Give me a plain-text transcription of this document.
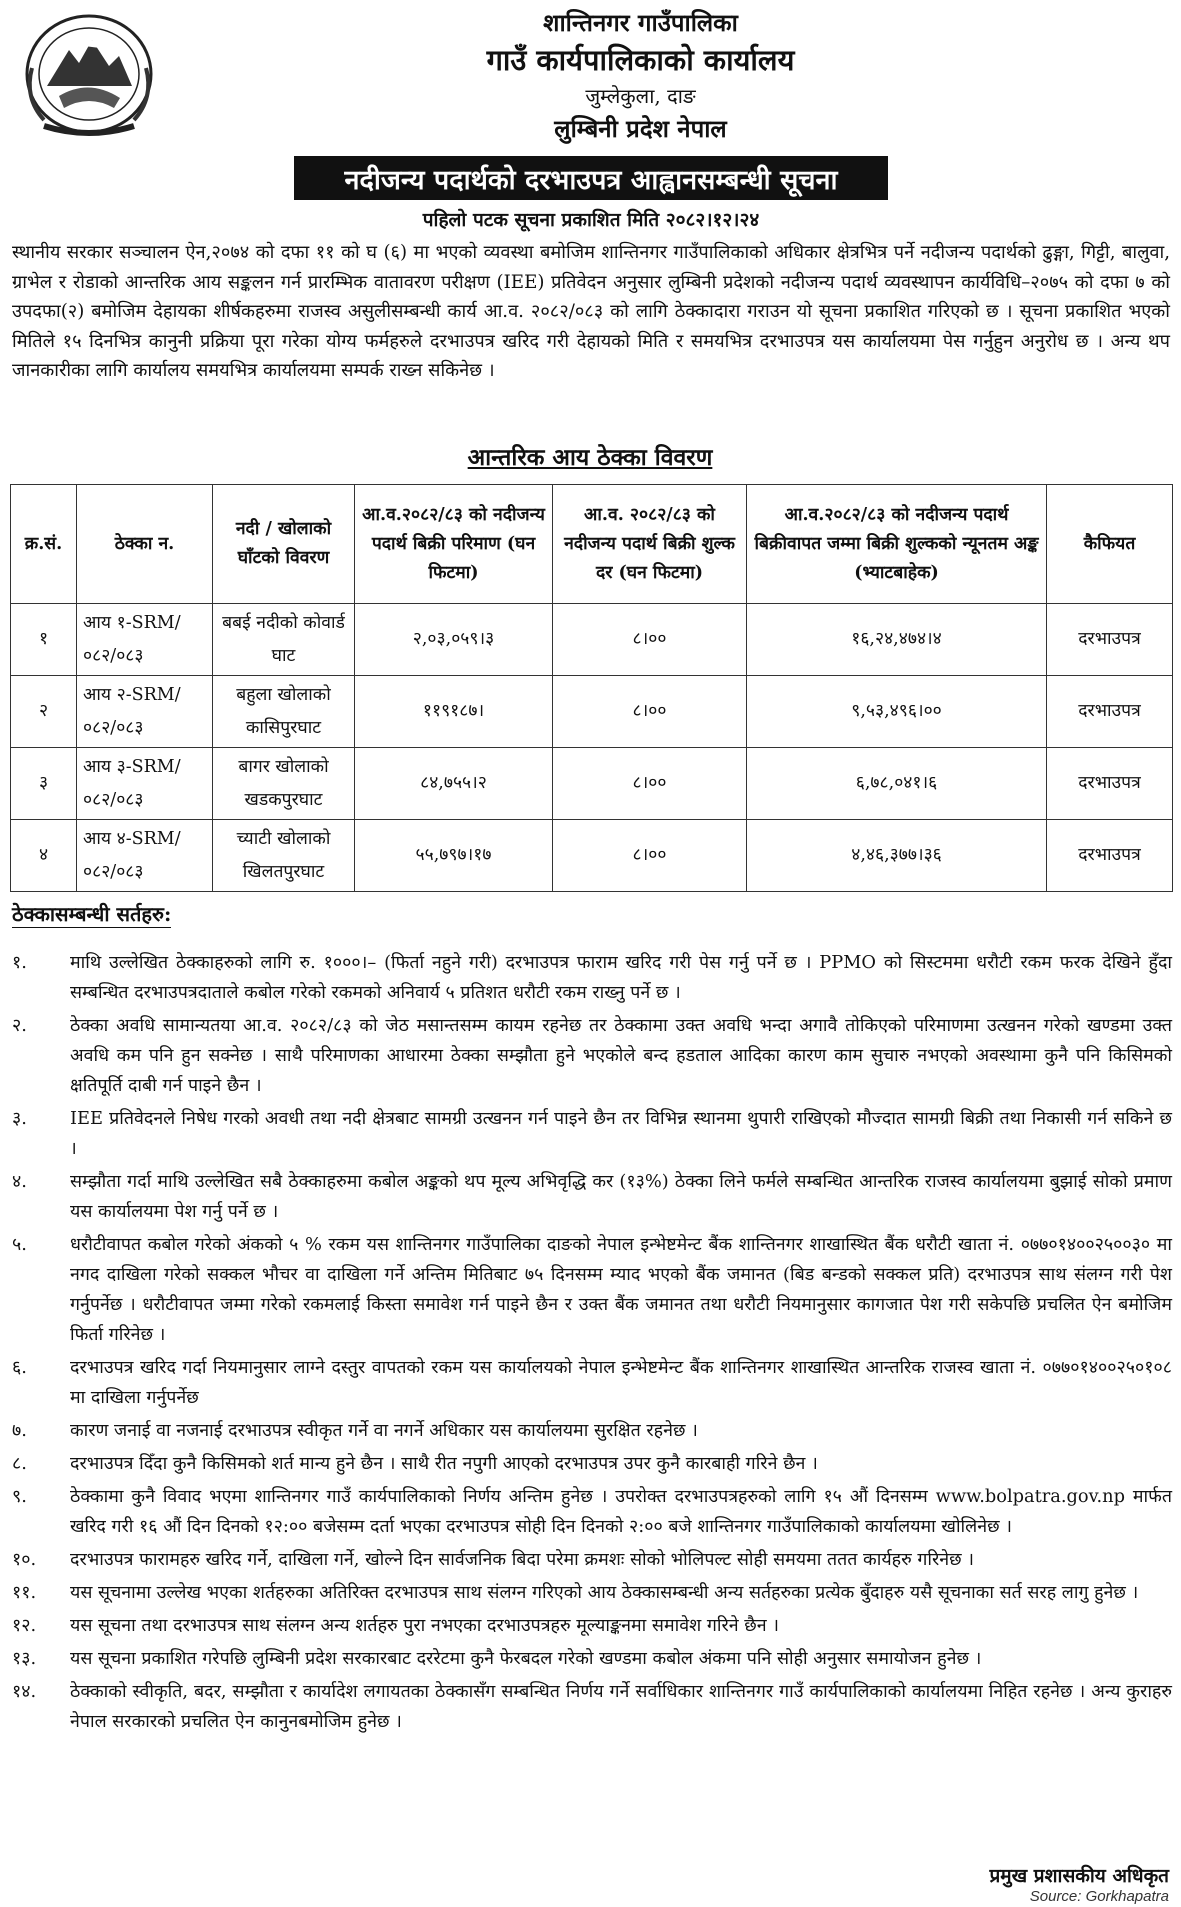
शान्तिनगर गाउँपालिका
गाउँ कार्यपालिकाको कार्यालय
जुम्लेकुला, दाङ
लुम्बिनी प्रदेश नेपाल
नदीजन्य पदार्थको दरभाउपत्र आह्वानसम्बन्धी सूचना
पहिलो पटक सूचना प्रकाशित मिति २०८२।१२।२४
स्थानीय सरकार सञ्चालन ऐन,२०७४ को दफा ११ को घ (६) मा भएको व्यवस्था बमोजिम शान्तिनगर गाउँपालिकाको अधिकार क्षेत्रभित्र पर्ने नदीजन्य पदार्थको ढुङ्गा, गिट्टी, बालुवा, ग्राभेल र रोडाको आन्तरिक आय सङ्कलन गर्न प्रारम्भिक वातावरण परीक्षण (IEE) प्रतिवेदन अनुसार लुम्बिनी प्रदेशको नदीजन्य पदार्थ व्यवस्थापन कार्यविधि–२०७५ को दफा ७ को उपदफा(२) बमोजिम देहायका शीर्षकहरुमा राजस्व असुलीसम्बन्धी कार्य आ.व. २०८२/०८३ को लागि ठेक्कादारा गराउन यो सूचना प्रकाशित गरिएको छ । सूचना प्रकाशित भएको मितिले १५ दिनभित्र कानुनी प्रक्रिया पूरा गरेका योग्य फर्महरुले दरभाउपत्र खरिद गरी देहायको मिति र समयभित्र दरभाउपत्र यस कार्यालयमा पेस गर्नुहुन अनुरोध छ । अन्य थप जानकारीका लागि कार्यालय समयभित्र कार्यालयमा सम्पर्क राख्न सकिनेछ ।
आन्तरिक आय ठेक्का विवरण
क्र.सं.	ठेक्का न.	नदी / खोलाको घाँटको विवरण	आ.व.२०८२/८३ को नदीजन्य पदार्थ बिक्री परिमाण (घन फिटमा)	आ.व. २०८२/८३ को नदीजन्य पदार्थ बिक्री शुल्क दर (घन फिटमा)	आ.व.२०८२/८३ को नदीजन्य पदार्थ बिक्रीवापत जम्मा बिक्री शुल्कको न्यूनतम अङ्क (भ्याटबाहेक)	कैफियत
१	आय १-SRM/ ०८२/०८३	बबई नदीको कोवार्ड घाट	२,०३,०५९।३	८।००	१६,२४,४७४।४	दरभाउपत्र
२	आय २-SRM/ ०८२/०८३	बहुला खोलाको कासिपुरघाट	११९१८७।	८।००	९,५३,४९६।००	दरभाउपत्र
३	आय ३-SRM/ ०८२/०८३	बागर खोलाको खडकपुरघाट	८४,७५५।२	८।००	६,७८,०४१।६	दरभाउपत्र
४	आय ४-SRM/ ०८२/०८३	च्याटी खोलाको खिलतपुरघाट	५५,७९७।१७	८।००	४,४६,३७७।३६	दरभाउपत्र
ठेक्कासम्बन्धी सर्तहरु:
१.	माथि उल्लेखित ठेक्काहरुको लागि रु. १०००।– (फिर्ता नहुने गरी) दरभाउपत्र फाराम खरिद गरी पेस गर्नु पर्ने छ । PPMO को सिस्टममा धरौटी रकम फरक देखिने हुँदा सम्बन्धित दरभाउपत्रदाताले कबोल गरेको रकमको अनिवार्य ५ प्रतिशत धरौटी रकम राख्नु पर्ने छ ।
२.	ठेक्का अवधि सामान्यतया आ.व. २०८२/८३ को जेठ मसान्तसम्म कायम रहनेछ तर ठेक्कामा उक्त अवधि भन्दा अगावै तोकिएको परिमाणमा उत्खनन गरेको खण्डमा उक्त अवधि कम पनि हुन सक्नेछ । साथै परिमाणका आधारमा ठेक्का सम्झौता हुने भएकोले बन्द हडताल आदिका कारण काम सुचारु नभएको अवस्थामा कुनै पनि किसिमको क्षतिपूर्ति दाबी गर्न पाइने छैन ।
३.	IEE प्रतिवेदनले निषेध गरको अवधी तथा नदी क्षेत्रबाट सामग्री उत्खनन गर्न पाइने छैन तर विभिन्न स्थानमा थुपारी राखिएको मौज्दात सामग्री बिक्री तथा निकासी गर्न सकिने छ ।
४.	सम्झौता गर्दा माथि उल्लेखित सबै ठेक्काहरुमा कबोल अङ्कको थप मूल्य अभिवृद्धि कर (१३%) ठेक्का लिने फर्मले सम्बन्धित आन्तरिक राजस्व कार्यालयमा बुझाई सोको प्रमाण यस कार्यालयमा पेश गर्नु पर्ने छ ।
५.	धरौटीवापत कबोल गरेको अंकको ५ % रकम यस शान्तिनगर गाउँपालिका दाङको नेपाल इन्भेष्टमेन्ट बैंक शान्तिनगर शाखास्थित बैंक धरौटी खाता नं. ०७७०१४००२५००३० मा नगद दाखिला गरेको सक्कल भौचर वा दाखिला गर्ने अन्तिम मितिबाट ७५ दिनसम्म म्याद भएको बैंक जमानत (बिड बन्डको सक्कल प्रति) दरभाउपत्र साथ संलग्न गरी पेश गर्नुपर्नेछ । धरौटीवापत जम्मा गरेको रकमलाई किस्ता समावेश गर्न पाइने छैन र उक्त बैंक जमानत तथा धरौटी नियमानुसार कागजात पेश गरी सकेपछि प्रचलित ऐन बमोजिम फिर्ता गरिनेछ ।
६.	दरभाउपत्र खरिद गर्दा नियमानुसार लाग्ने दस्तुर वापतको रकम यस कार्यालयको नेपाल इन्भेष्टमेन्ट बैंक शान्तिनगर शाखास्थित आन्तरिक राजस्व खाता नं. ०७७०१४००२५०१०८ मा दाखिला गर्नुपर्नेछ
७.	कारण जनाई वा नजनाई दरभाउपत्र स्वीकृत गर्ने वा नगर्ने अधिकार यस कार्यालयमा सुरक्षित रहनेछ ।
८.	दरभाउपत्र दिँदा कुनै किसिमको शर्त मान्य हुने छैन । साथै रीत नपुगी आएको दरभाउपत्र उपर कुनै कारबाही गरिने छैन ।
९.	ठेक्कामा कुनै विवाद भएमा शान्तिनगर गाउँ कार्यपालिकाको निर्णय अन्तिम हुनेछ । उपरोक्त दरभाउपत्रहरुको लागि १५ औं दिनसम्म www.bolpatra.gov.np मार्फत खरिद गरी १६ औं दिन दिनको १२:०० बजेसम्म दर्ता भएका दरभाउपत्र सोही दिन दिनको २:०० बजे शान्तिनगर गाउँपालिकाको कार्यालयमा खोलिनेछ ।
१०.	दरभाउपत्र फारामहरु खरिद गर्ने, दाखिला गर्ने, खोल्ने दिन सार्वजनिक बिदा परेमा क्रमशः सोको भोलिपल्ट सोही समयमा ततत कार्यहरु गरिनेछ ।
११.	यस सूचनामा उल्लेख भएका शर्तहरुका अतिरिक्त दरभाउपत्र साथ संलग्न गरिएको आय ठेक्कासम्बन्धी अन्य सर्तहरुका प्रत्येक बुँदाहरु यसै सूचनाका सर्त सरह लागु हुनेछ ।
१२.	यस सूचना तथा दरभाउपत्र साथ संलग्न अन्य शर्तहरु पुरा नभएका दरभाउपत्रहरु मूल्याङ्कनमा समावेश गरिने छैन ।
१३.	यस सूचना प्रकाशित गरेपछि लुम्बिनी प्रदेश सरकारबाट दररेटमा कुनै फेरबदल गरेको खण्डमा कबोल अंकमा पनि सोही अनुसार समायोजन हुनेछ ।
१४.	ठेक्काको स्वीकृति, बदर, सम्झौता र कार्यादेश लगायतका ठेक्कासँग सम्बन्धित निर्णय गर्ने सर्वाधिकार शान्तिनगर गाउँ कार्यपालिकाको कार्यालयमा निहित रहनेछ । अन्य कुराहरु नेपाल सरकारको प्रचलित ऐन कानुनबमोजिम हुनेछ ।
प्रमुख प्रशासकीय अधिकृत
Source: Gorkhapatra
